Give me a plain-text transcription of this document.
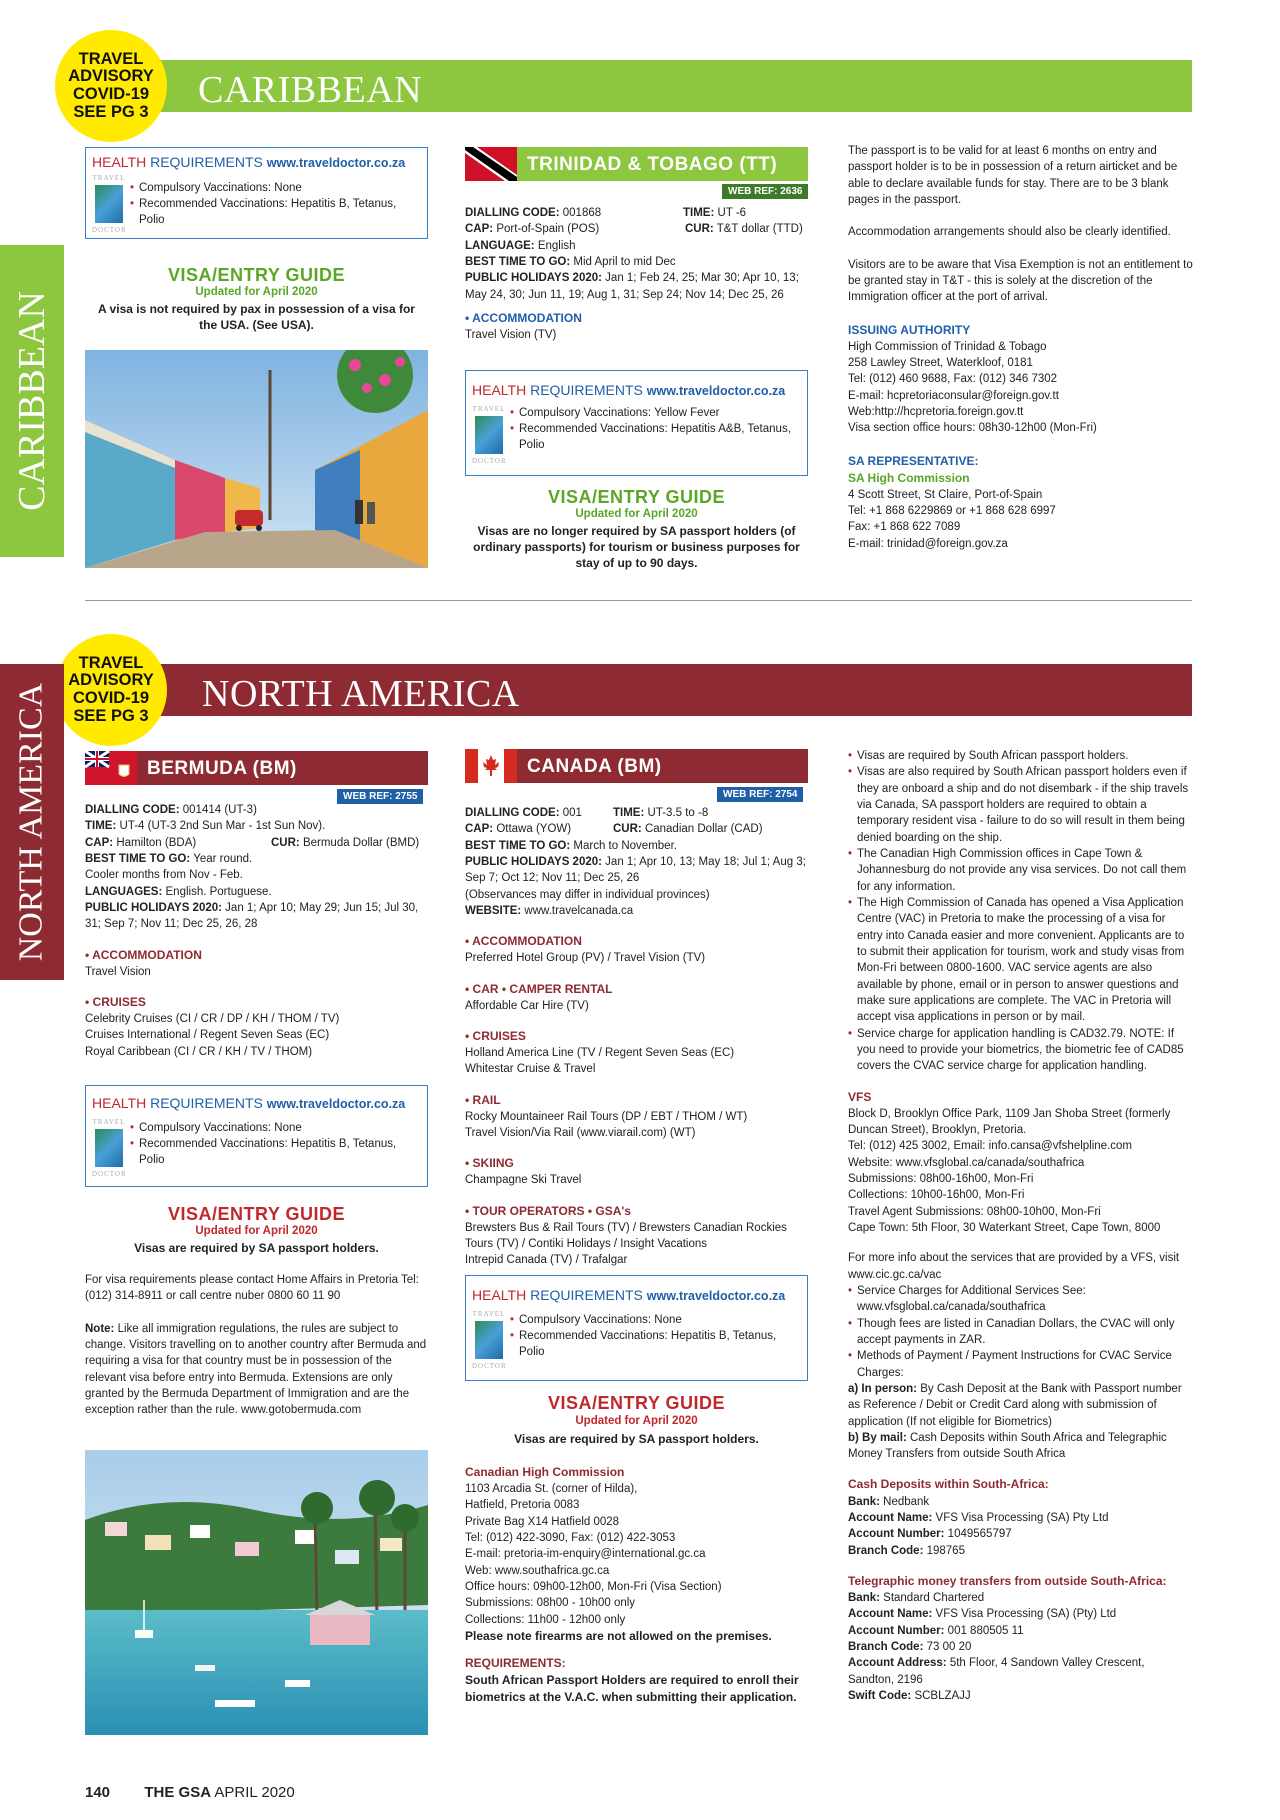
CARIBBEAN
TRAVEL
ADVISORY
COVID-19
SEE PG 3
CARIBBEAN
HEALTH REQUIREMENTS www.traveldoctor.co.za
TRAVEL
DOCTOR
• Compulsory Vaccinations: None
• Recommended Vaccinations: Hepatitis B, Tetanus, Polio
VISA/ENTRY GUIDE
Updated for April 2020
A visa is not required by pax in possession of a visa for the USA. (See USA).
TRINIDAD & TOBAGO (TT)
WEB REF: 2636
DIALLING CODE: 001868	TIME: UT -6
CAP: Port-of-Spain (POS)	CUR: T&T dollar (TTD)
LANGUAGE: English
BEST TIME TO GO: Mid April to mid Dec
PUBLIC HOLIDAYS 2020: Jan 1; Feb 24, 25; Mar 30; Apr 10, 13; May 24, 30; Jun 11, 19; Aug 1, 31; Sep 24; Nov 14; Dec 25, 26
• ACCOMMODATION
Travel Vision (TV)
HEALTH REQUIREMENTS www.traveldoctor.co.za
TRAVEL
DOCTOR
• Compulsory Vaccinations: Yellow Fever
• Recommended Vaccinations: Hepatitis A&B, Tetanus, Polio
VISA/ENTRY GUIDE
Updated for April 2020
Visas are no longer required by SA passport holders (of ordinary passports) for tourism or business purposes for stay of up to 90 days.
The passport is to be valid for at least 6 months on entry and passport holder is to be in possession of a return airticket and be able to declare available funds for stay. There are to be 3 blank pages in the passport.
Accommodation arrangements should also be clearly identified.
Visitors are to be aware that Visa Exemption is not an entitlement to be granted stay in T&T - this is solely at the discretion of the Immigration officer at the port of arrival.
ISSUING AUTHORITY
High Commission of Trinidad & Tobago
258 Lawley Street, Waterkloof, 0181
Tel: (012) 460 9688, Fax: (012) 346 7302
E-mail: hcpretoriaconsular@foreign.gov.tt
Web:http://hcpretoria.foreign.gov.tt
Visa section office hours: 08h30-12h00 (Mon-Fri)
SA REPRESENTATIVE:
SA High Commission
4 Scott Street, St Claire, Port-of-Spain
Tel: +1 868 6229869 or +1 868 628 6997
Fax: +1 868 622 7089
E-mail: trinidad@foreign.gov.za
NORTH AMERICA
TRAVEL
ADVISORY
COVID-19
SEE PG 3
NORTH AMERICA	BERMUDA (BM)
WEB REF: 2755
DIALLING CODE: 001414 (UT-3)
TIME: UT-4 (UT-3 2nd Sun Mar - 1st Sun Nov).
CAP: Hamilton (BDA)	CUR: Bermuda Dollar (BMD)
BEST TIME TO GO: Year round.
Cooler months from Nov - Feb.
LANGUAGES: English. Portuguese.
PUBLIC HOLIDAYS 2020: Jan 1; Apr 10; May 29; Jun 15; Jul 30, 31; Sep 7; Nov 11; Dec 25, 26, 28
• ACCOMMODATION
Travel Vision
• CRUISES
Celebrity Cruises (CI / CR / DP / KH / THOM / TV)
Cruises International / Regent Seven Seas (EC)
Royal Caribbean (CI / CR / KH / TV / THOM)
HEALTH REQUIREMENTS www.traveldoctor.co.za
TRAVEL
DOCTOR
• Compulsory Vaccinations: None
• Recommended Vaccinations: Hepatitis B, Tetanus, Polio
VISA/ENTRY GUIDE
Updated for April 2020
Visas are required by SA passport holders.
For visa requirements please contact Home Affairs in Pretoria Tel: (012) 314-8911 or call centre nuber 0800 60 11 90
Note: Like all immigration regulations, the rules are subject to change. Visitors travelling on to another country after Bermuda and requiring a visa for that country must be in possession of the relevant visa before entry into Bermuda. Extensions are only granted by the Bermuda Department of Immigration and are the exception rather than the rule. www.gotobermuda.com
CANADA (BM)
WEB REF: 2754
DIALLING CODE: 001	TIME: UT-3.5 to -8
CAP: Ottawa (YOW)	CUR: Canadian Dollar (CAD)
BEST TIME TO GO: March to November.
PUBLIC HOLIDAYS 2020: Jan 1; Apr 10, 13; May 18; Jul 1; Aug 3; Sep 7; Oct 12; Nov 11; Dec 25, 26
(Observances may differ in individual provinces)
WEBSITE: www.travelcanada.ca
• ACCOMMODATION
Preferred Hotel Group (PV) / Travel Vision (TV)
• CAR • CAMPER RENTAL
Affordable Car Hire (TV)
• CRUISES
Holland America Line (TV / Regent Seven Seas (EC)
Whitestar Cruise & Travel
• RAIL
Rocky Mountaineer Rail Tours (DP / EBT / THOM / WT)
Travel Vision/Via Rail (www.viarail.com) (WT)
• SKIING
Champagne Ski Travel
• TOUR OPERATORS • GSA's
Brewsters Bus & Rail Tours (TV) / Brewsters Canadian Rockies
Tours (TV) / Contiki Holidays / Insight Vacations
Intrepid Canada (TV) / Trafalgar
HEALTH REQUIREMENTS www.traveldoctor.co.za
TRAVEL
DOCTOR
• Compulsory Vaccinations: None
• Recommended Vaccinations: Hepatitis B, Tetanus, Polio
VISA/ENTRY GUIDE
Updated for April 2020
Visas are required by SA passport holders.
Canadian High Commission
1103 Arcadia St. (corner of Hilda),
Hatfield, Pretoria 0083
Private Bag X14 Hatfield 0028
Tel: (012) 422-3090, Fax: (012) 422-3053
E-mail: pretoria-im-enquiry@international.gc.ca
Web: www.southafrica.gc.ca
Office hours: 09h00-12h00, Mon-Fri (Visa Section)
Submissions: 08h00 - 10h00 only
Collections: 11h00 - 12h00 only
Please note firearms are not allowed on the premises.
REQUIREMENTS:
South African Passport Holders are required to enroll their biometrics at the V.A.C. when submitting their application.
• Visas are required by South African passport holders.
• Visas are also required by South African passport holders even if they are onboard a ship and do not disembark - if the ship travels via Canada, SA passport holders are required to obtain a temporary resident visa - failure to do so will result in them being denied boarding on the ship.
• The Canadian High Commission offices in Cape Town & Johannesburg do not provide any visa services. Do not call them for any information.
• The High Commission of Canada has opened a Visa Application Centre (VAC) in Pretoria to make the processing of a visa for entry into Canada easier and more convenient. Applicants are to to submit their application for tourism, work and study visas from Mon-Fri between 0800-1600. VAC service agents are also available by phone, email or in person to answer questions and make sure applications are complete. The VAC in Pretoria will accept visa applications in person or by mail.
• Service charge for application handling is CAD32.79. NOTE: If you need to provide your biometrics, the biometric fee of CAD85 covers the CVAC service charge for application handling.
VFS
Block D, Brooklyn Office Park, 1109 Jan Shoba Street (formerly Duncan Street), Brooklyn, Pretoria.
Tel: (012) 425 3002, Email: info.cansa@vfshelpline.com
Website: www.vfsglobal.ca/canada/southafrica
Submissions: 08h00-16h00, Mon-Fri
Collections: 10h00-16h00, Mon-Fri
Travel Agent Submissions: 08h00-10h00, Mon-Fri
Cape Town: 5th Floor, 30 Waterkant Street, Cape Town, 8000
For more info about the services that are provided by a VFS, visit www.cic.gc.ca/vac
• Service Charges for Additional Services See: www.vfsglobal.ca/canada/southafrica
• Though fees are listed in Canadian Dollars, the CVAC will only accept payments in ZAR.
• Methods of Payment / Payment Instructions for CVAC Service Charges:
a) In person: By Cash Deposit at the Bank with Passport number as Reference / Debit or Credit Card along with submission of application (If not eligible for Biometrics)
b) By mail: Cash Deposits within South Africa and Telegraphic Money Transfers from outside South Africa
Cash Deposits within South-Africa:
Bank: Nedbank
Account Name: VFS Visa Processing (SA) Pty Ltd
Account Number: 1049565797
Branch Code: 198765
Telegraphic money transfers from outside South-Africa:
Bank: Standard Chartered
Account Name: VFS Visa Processing (SA) (Pty) Ltd
Account Number: 001 880505 11
Branch Code: 73 00 20
Account Address: 5th Floor, 4 Sandown Valley Crescent, Sandton, 2196
Swift Code: SCBLZAJJ
140 THE GSA APRIL 2020
